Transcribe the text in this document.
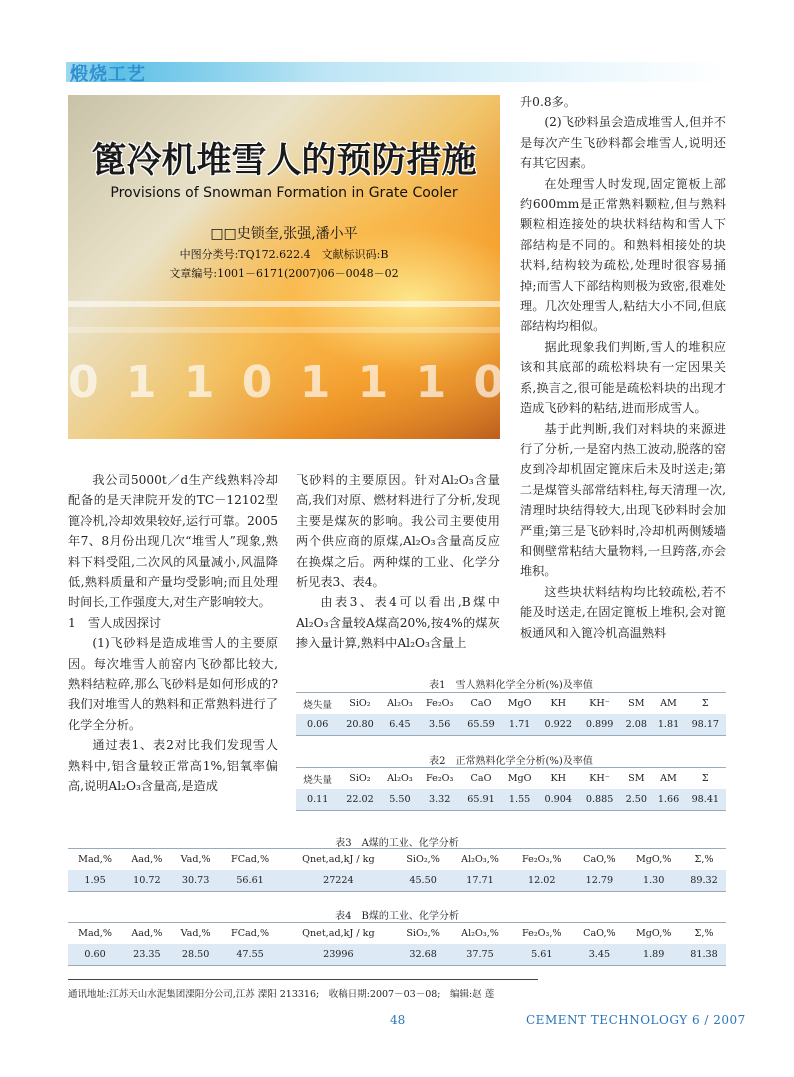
煅烧工艺
0 1 1 0 1 1 1 0 1
篦冷机堆雪人的预防措施
Provisions of Snowman Formation in Grate Cooler
□□史锁奎,张强,潘小平
中图分类号:TQ172.622.4　文献标识码:B
文章编号:1001－6171(2007)06－0048－02

我公司5000t／d生产线熟料冷却配备的是天津院开发的TC－12102型篦冷机,冷却效果较好,运行可靠。2005年7、8月份出现几次“堆雪人”现象,熟料下料受阻,二次风的风量减小,风温降低,熟料质量和产量均受影响;而且处理时间长,工作强度大,对生产影响较大。

1　雪人成因探讨

(1)飞砂料是造成堆雪人的主要原因。每次堆雪人前窑内飞砂都比较大,熟料结粒碎,那么飞砂料是如何形成的?我们对堆雪人的熟料和正常熟料进行了化学全分析。

通过表1、表2对比我们发现雪人熟料中,铝含量较正常高1%,铝氧率偏高,说明Al₂O₃含量高,是造成

飞砂料的主要原因。针对Al₂O₃含量高,我们对原、燃材料进行了分析,发现主要是煤灰的影响。我公司主要使用两个供应商的原煤,Al₂O₃含量高反应在换煤之后。两种煤的工业、化学分析见表3、表4。

由表3、表4可以看出,B煤中Al₂O₃含量较A煤高20%,按4%的煤灰掺入量计算,熟料中Al₂O₃含量上

升0.8多。

(2)飞砂料虽会造成堆雪人,但并不是每次产生飞砂料都会堆雪人,说明还有其它因素。

在处理雪人时发现,固定篦板上部约600mm是正常熟料颗粒,但与熟料颗粒相连接处的块状料结构和雪人下部结构是不同的。和熟料相接处的块状料,结构较为疏松,处理时很容易捅掉;而雪人下部结构则极为致密,很难处理。几次处理雪人,粘结大小不同,但底部结构均相似。

据此现象我们判断,雪人的堆积应该和其底部的疏松料块有一定因果关系,换言之,很可能是疏松料块的出现才造成飞砂料的粘结,进而形成雪人。

基于此判断,我们对料块的来源进行了分析,一是窑内热工波动,脱落的窑皮到冷却机固定篦床后未及时送走;第二是煤管头部常结料柱,每天清理一次,清理时块结得较大,出现飞砂料时会加严重;第三是飞砂料时,冷却机两侧矮墙和侧壁常粘结大量物料,一旦跨落,亦会堆积。

这些块状料结构均比较疏松,若不能及时送走,在固定篦板上堆积,会对篦板通风和入篦冷机高温熟料

表1　雪人熟料化学全分析(%)及率值
烧失量	SiO₂	Al₂O₃	Fe₂O₃	CaO	MgO	KH	KH⁻	SM	AM	Σ
0.06	20.80	6.45	3.56	65.59	1.71	0.922	0.899	2.08	1.81	98.17
表2　正常熟料化学全分析(%)及率值
烧失量	SiO₂	Al₂O₃	Fe₂O₃	CaO	MgO	KH	KH⁻	SM	AM	Σ
0.11	22.02	5.50	3.32	65.91	1.55	0.904	0.885	2.50	1.66	98.41
表3　A煤的工业、化学分析
Mad,%	Aad,%	Vad,%	FCad,%	Qnet,ad,kJ / kg	SiO₂,%	Al₂O₃,%	Fe₂O₃,%	CaO,%	MgO,%	Σ,%
1.95	10.72	30.73	56.61	27224	45.50	17.71	12.02	12.79	1.30	89.32
表4　B煤的工业、化学分析
Mad,%	Aad,%	Vad,%	FCad,%	Qnet,ad,kJ / kg	SiO₂,%	Al₂O₃,%	Fe₂O₃,%	CaO,%	MgO,%	Σ,%
0.60	23.35	28.50	47.55	23996	32.68	37.75	5.61	3.45	1.89	81.38
通讯地址:江苏天山水泥集团溧阳分公司,江苏 溧阳 213316;　收稿日期:2007－03－08;　编辑:赵 莲
48	CEMENT TECHNOLOGY 6 / 2007
